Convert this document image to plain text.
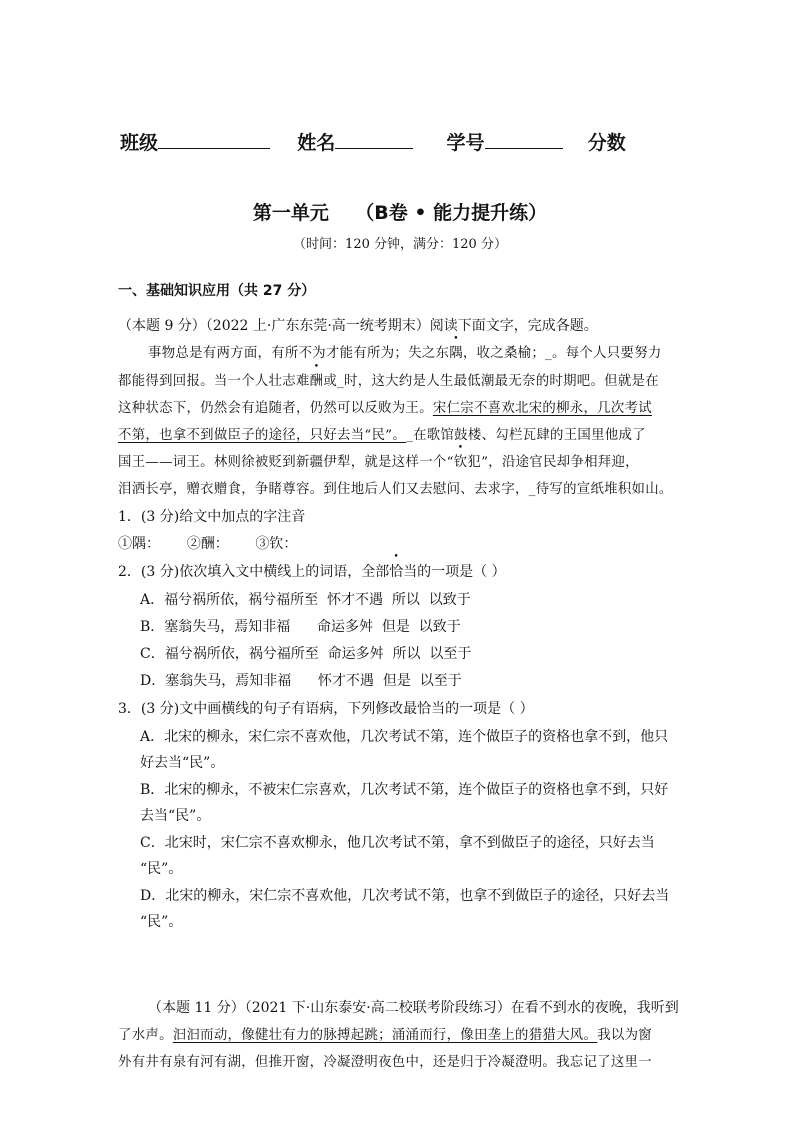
班级	姓名	学号	分数
第一单元    （B卷 • 能力提升练）
（时间：120 分钟，满分：120 分）
一、基础知识应用（共 27 分）
（本题 9 分）（2022 上·广东东莞·高一统考期末）阅读下面文字，完成各题。
事物总是有两方面，有所不为才能有所为；失之东隅，收之桑榆；_。每个人只要努力
都能得到回报。当一个人壮志难酬或_时，这大约是人生最低潮最无奈的时期吧。但就是在
这种状态下，仍然会有追随者，仍然可以反败为王。宋仁宗不喜欢北宋的柳永，几次考试
不第，也拿不到做臣子的途径，只好去当“民”。_在歌馆鼓楼、勾栏瓦肆的王国里他成了
国王——词王。林则徐被贬到新疆伊犁，就是这样一个“钦犯”，沿途官民却争相拜迎，
泪洒长亭，赠衣赠食，争睹尊容。到住地后人们又去慰问、去求字，_待写的宣纸堆积如山。
1．(3 分)给文中加点的字注音
①隅：      ②酬：      ③钦：
2．(3 分)依次填入文中横线上的词语，全部恰当的一项是（ ）
A．福兮祸所依，祸兮福所至  怀才不遇  所以  以致于
B．塞翁失马，焉知非福      命运多舛  但是  以致于
C．福兮祸所依，祸兮福所至  命运多舛  所以  以至于
D．塞翁失马，焉知非福      怀才不遇  但是  以至于
3．(3 分)文中画横线的句子有语病，下列修改最恰当的一项是（ ）
A．北宋的柳永，宋仁宗不喜欢他，几次考试不第，连个做臣子的资格也拿不到，他只
好去当“民”。
B．北宋的柳永，不被宋仁宗喜欢，几次考试不第，连个做臣子的资格也拿不到，只好
去当“民”。
C．北宋时，宋仁宗不喜欢柳永，他几次考试不第，拿不到做臣子的途径，只好去当
“民”。
D．北宋的柳永，宋仁宗不喜欢他，几次考试不第，也拿不到做臣子的途径，只好去当
“民”。
（本题 11 分）（2021 下·山东泰安·高二校联考阶段练习）在看不到水的夜晚，我听到
了水声。汩汩而动，像健壮有力的脉搏起跳；涌涌而行，像田垄上的猎猎大风。我以为窗
外有井有泉有河有湖，但推开窗，冷凝澄明夜色中，还是归于冷凝澄明。我忘记了这里一
